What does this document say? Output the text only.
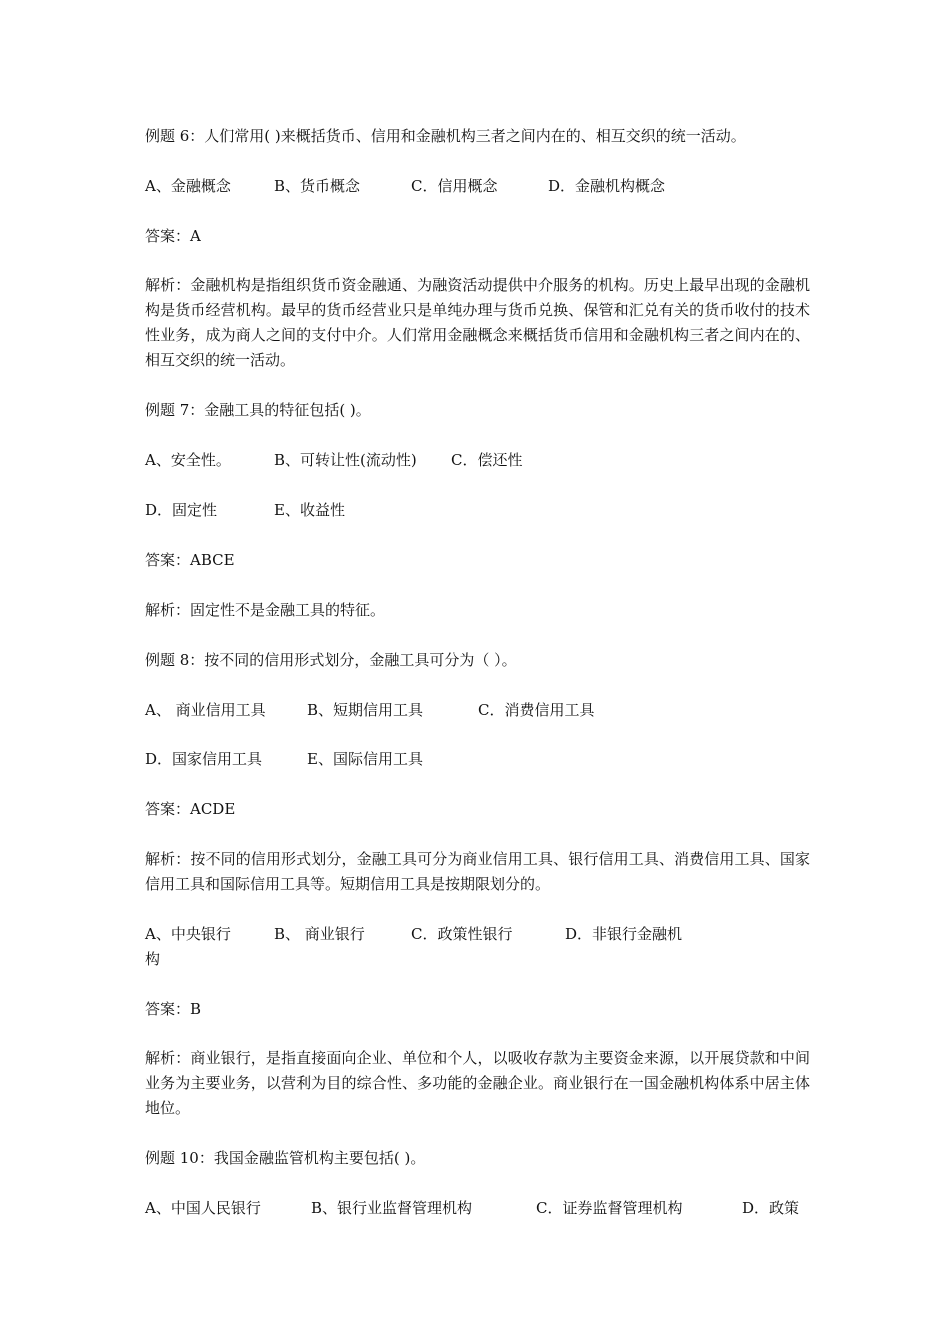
例题 6：人们常用( )来概括货币、信用和金融机构三者之间内在的、相互交织的统一活动。

A、金融概念	B、货币概念	C．信用概念	D．金融机构概念

答案：A

解析：金融机构是指组织货币资金融通、为融资活动提供中介服务的机构。历史上最早出现的金融机构是货币经营机构。最早的货币经营业只是单纯办理与货币兑换、保管和汇兑有关的货币收付的技术性业务，成为商人之间的支付中介。人们常用金融概念来概括货币信用和金融机构三者之间内在的、相互交织的统一活动。

例题 7：金融工具的特征包括( )。

A、安全性。	B、可转让性(流动性) C．偿还性
D．固定性	E、收益性

答案：ABCE

解析：固定性不是金融工具的特征。

例题 8：按不同的信用形式划分，金融工具可分为（ ）。

A、 商业信用工具	B、短期信用工具	C．消费信用工具
D．国家信用工具	E、国际信用工具

答案：ACDE

解析：按不同的信用形式划分，金融工具可分为商业信用工具、银行信用工具、消费信用工具、国家信用工具和国际信用工具等。短期信用工具是按期限划分的。

A、中央银行	B、 商业银行	C．政策性银行	D．非银行金融机
构

答案：B

解析：商业银行，是指直接面向企业、单位和个人，以吸收存款为主要资金来源，以开展贷款和中间业务为主要业务，以营利为目的综合性、多功能的金融企业。商业银行在一国金融机构体系中居主体地位。

例题 10：我国金融监管机构主要包括( )。

A、中国人民银行	B、银行业监督管理机构	C．证券监督管理机构	D．政策
